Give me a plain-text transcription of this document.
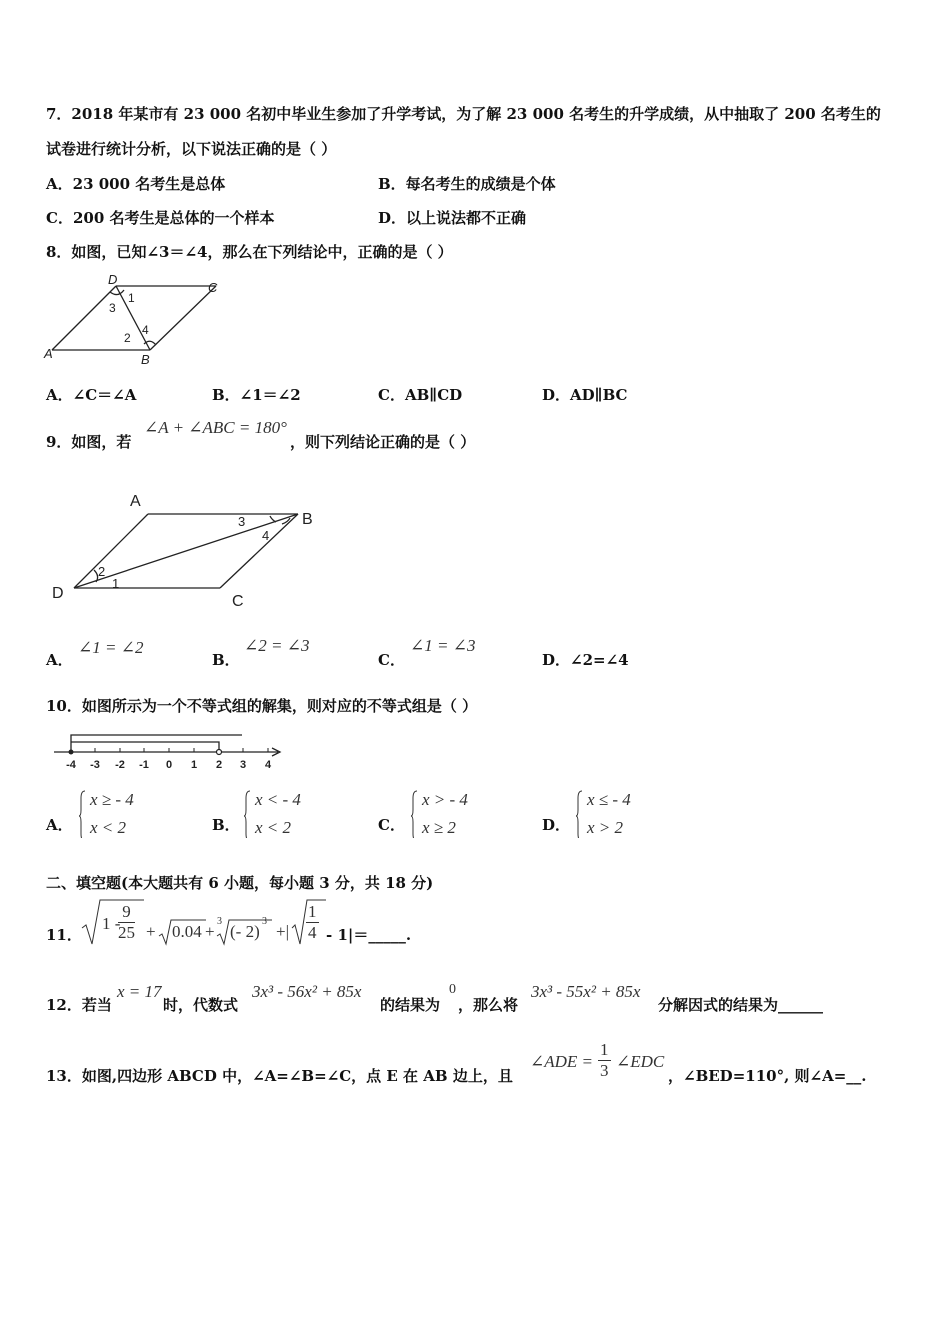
7．2018 年某市有 23 000 名初中毕业生参加了升学考试，为了解 23 000 名考生的升学成绩，从中抽取了 200 名考生的
试卷进行统计分析，以下说法正确的是（ ）
A．23 000 名考生是总体	B．每名考生的成绩是个体
C．200 名考生是总体的一个样本	D．以上说法都不正确
8．如图，已知∠3＝∠4，那么在下列结论中，正确的是（ ）
A	B
C
D
1
2
3
4
A．∠C＝∠A	B．∠1＝∠2	C．AB∥CD	D．AD∥BC
9．如图，若
∠A + ∠ABC = 180°
，则下列结论正确的是（ ）
A
B
C
D
1
2
3
4
A．
∠1 = ∠2
B．
∠2 = ∠3
C．
∠1 = ∠3
D．∠2=∠4
10．如图所示为一个不等式组的解集，则对应的不等式组是（ ）
-4 -3 -2 -1 0 1 2 3 4
A．
x ≥ - 4
x < 2	B．
x < - 4
x < 2	C．
x > - 4
x ≥ 2	D．
x ≤ - 4
x > 2
二、填空题(本大题共有 6 小题，每小题 3 分，共 18 分)
11．
1 -
$\frac{9}{25} + 0.04$ +
3
(- 2)
3
+| $\frac{1}{4}$ - 1|＝_____.
12．若当
x = 17
时，代数式
3x³ - 56x² + 85x
的结果为
0
，那么将
3x³ - 55x² + 85x
分解因式的结果为______
13．如图,四边形 ABCD 中，∠A=∠B=∠C，点 E 在 AB 边上，且
∠ADE = $\frac{1}{3}$ ∠EDC
，∠BED=110°, 则∠A=__.
